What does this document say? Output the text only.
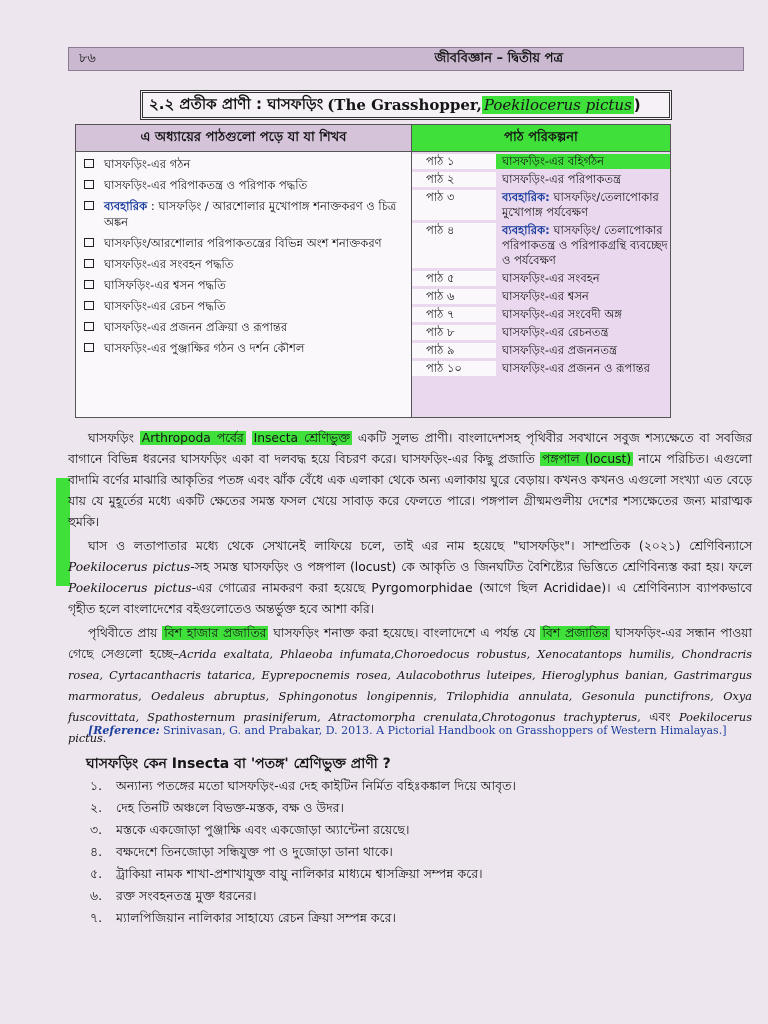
৮৬	জীববিজ্ঞান – দ্বিতীয় পত্র
২.২ প্রতীক প্রাণী : ঘাসফড়িং (The Grasshopper, Poekilocerus pictus )
এ অধ্যায়ের পাঠগুলো পড়ে যা যা শিখব
ঘাসফড়িং-এর গঠন
ঘাসফড়িং-এর পরিপাকতন্ত্র ও পরিপাক পদ্ধতি
ব্যবহারিক : ঘাসফড়িং / আরশোলার মুখোপাঙ্গ শনাক্তকরণ ও চিত্র অঙ্কন
ঘাসফড়িং/আরশোলার পরিপাকতন্ত্রের বিভিন্ন অংশ শনাক্তকরণ
ঘাসফড়িং-এর সংবহন পদ্ধতি
ঘাসিফড়িং-এর শ্বসন পদ্ধতি
ঘাসফড়িং-এর রেচন পদ্ধতি
ঘাসফড়িং-এর প্রজনন প্রক্রিয়া ও রূপান্তর
ঘাসফড়িং-এর পুঞ্জাক্ষির গঠন ও দর্শন কৌশল
পাঠ পরিকল্পনা
পাঠ ১	ঘাসফড়িং-এর বহির্গঠন
পাঠ ২	ঘাসফড়িং-এর পরিপাকতন্ত্র
পাঠ ৩	ব্যবহারিক: ঘাসফড়িং/তেলাপোকার মুখোপাঙ্গ পর্যবেক্ষণ
পাঠ ৪	ব্যবহারিক: ঘাসফড়িং/ তেলাপোকার পরিপাকতন্ত্র ও পরিপাকগ্রন্থি ব্যবচ্ছেদ ও পর্যবেক্ষণ
পাঠ ৫	ঘাসফড়িং-এর সংবহন
পাঠ ৬	ঘাসফড়িং-এর শ্বসন
পাঠ ৭	ঘাসফড়িং-এর সংবেদী অঙ্গ
পাঠ ৮	ঘাসফড়িং-এর রেচনতন্ত্র
পাঠ ৯	ঘাসফড়িং-এর প্রজননতন্ত্র
পাঠ ১০	ঘাসফড়িং-এর প্রজনন ও রূপান্তর

ঘাসফড়িং Arthropoda পর্বের Insecta শ্রেণিভুক্ত একটি সুলভ প্রাণী। বাংলাদেশসহ পৃথিবীর সবখানে সবুজ শস্যক্ষেতে বা সবজির বাগানে বিভিন্ন ধরনের ঘাসফড়িং একা বা দলবদ্ধ হয়ে বিচরণ করে। ঘাসফড়িং-এর কিছু প্রজাতি পঙ্গপাল (locust) নামে পরিচিত। এগুলো বাদামি বর্ণের মাঝারি আকৃতির পতঙ্গ এবং ঝাঁক বেঁধে এক এলাকা থেকে অন্য এলাকায় ঘুরে বেড়ায়। কখনও কখনও এগুলো সংখ্যা এত বেড়ে যায় যে মুহূর্তের মধ্যে একটি ক্ষেতের সমস্ত ফসল খেয়ে সাবাড় করে ফেলতে পারে। পঙ্গপাল গ্রীষ্মমণ্ডলীয় দেশের শস্যক্ষেতের জন্য মারাত্মক হুমকি।

ঘাস ও লতাপাতার মধ্যে থেকে সেখানেই লাফিয়ে চলে, তাই এর নাম হয়েছে "ঘাসফড়িং"। সাম্প্রতিক (২০২১) শ্রেণিবিন্যাসে Poekilocerus pictus-সহ সমস্ত ঘাসফড়িং ও পঙ্গপাল (locust) কে আকৃতি ও জিনঘটিত বৈশিষ্ট্যের ভিত্তিতে শ্রেণিবিন্যস্ত করা হয়। ফলে Poekilocerus pictus-এর গোত্রের নামকরণ করা হয়েছে Pyrgomorphidae (আগে ছিল Acrididae)। এ শ্রেণিবিন্যাস ব্যাপকভাবে গৃহীত হলে বাংলাদেশের বইগুলোতেও অন্তর্ভুক্ত হবে আশা করি।

পৃথিবীতে প্রায় বিশ হাজার প্রজাতির ঘাসফড়িং শনাক্ত করা হয়েছে। বাংলাদেশে এ পর্যন্ত যে বিশ প্রজাতির ঘাসফড়িং-এর সন্ধান পাওয়া গেছে সেগুলো হচ্ছে–Acrida exaltata, Phlaeoba infumata,Choroedocus robustus, Xenocatantops humilis, Chondracris rosea, Cyrtacanthacris tatarica, Eyprepocnemis rosea, Aulacobothrus luteipes, Hieroglyphus banian, Gastrimargus marmoratus, Oedaleus abruptus, Sphingonotus longipennis, Trilophidia annulata, Gesonula punctifrons, Oxya fuscovittata, Spathosternum prasiniferum, Atractomorpha crenulata,Chrotogonus trachypterus, এবং Poekilocerus pictus.

[Reference: Srinivasan, G. and Prabakar, D. 2013. A Pictorial Handbook on Grasshoppers of Western Himalayas.]
ঘাসফড়িং কেন Insecta বা 'পতঙ্গ' শ্রেণিভুক্ত প্রাণী ?
১.	অন্যান্য পতঙ্গের মতো ঘাসফড়িং-এর দেহ কাইটিন নির্মিত বহিঃকঙ্কাল দিয়ে আবৃত।
২.	দেহ তিনটি অঞ্চলে বিভক্ত-মস্তক, বক্ষ ও উদর।
৩.	মস্তকে একজোড়া পুঞ্জাক্ষি এবং একজোড়া অ্যান্টেনা রয়েছে।
৪.	বক্ষদেশে তিনজোড়া সন্ধিযুক্ত পা ও দুজোড়া ডানা থাকে।
৫.	ট্রাকিয়া নামক শাখা-প্রশাখাযুক্ত বায়ু নালিকার মাধ্যমে শ্বাসক্রিয়া সম্পন্ন করে।
৬.	রক্ত সংবহনতন্ত্র মুক্ত ধরনের।
৭.	ম্যালপিজিয়ান নালিকার সাহায্যে রেচন ক্রিয়া সম্পন্ন করে।
